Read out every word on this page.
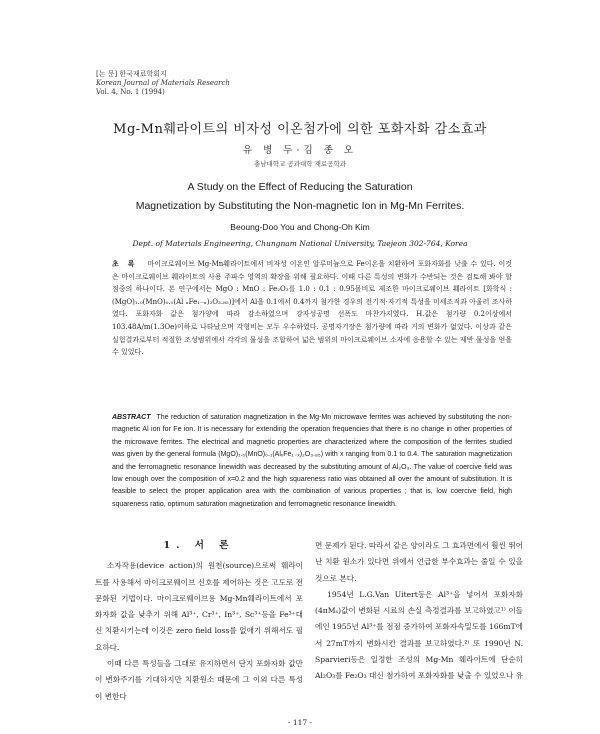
[논 문] 한국재료학회지
Korean Journal of Materials Research
Vol. 4, No. 1 (1994)
Mg-Mn훼라이트의 비자성 이온첨가에 의한 포화자화 감소효과
유 병 두·김 종 오
충남대학교 공과대학 재료공학과
A Study on the Effect of Reducing the Saturation
Magnetization by Substituting the Non-magnetic Ion in Mg-Mn Ferrites.
Beoung-Doo You and Chong-Oh Kim
Dept. of Materials Engineering, Chungnam National University, Taejeon 302-764, Korea
초 록 마이크로웨이브 Mg-Mn훼라이트에서 비자성 이온인 알루미늄으로 Fe이온을 치환하여 포화자화를 낮출 수 있다. 이것은 마이크로웨이브 훼라이트의 사용 주파수 영역의 확장을 위해 필요하다. 이때 다른 특성의 변화가 수반되는 것은 검토해 봐야 할 점중의 하나이다. 본 연구에서는 MgO : MnO : Fe₂O₃를 1.0 : 0.1 : 0.95몰비로 제조한 마이크로웨이브 훼라이트 [화학식 : (MgO)₁.₀(MnO)₀.₁(Al ₓFe₁₋ₓ)₂O₃.₈₅)]에서 Al을 0.1에서 0.4까지 첨가한 경우의 전기적·자기적 특성을 미세조직과 아울러 조사하였다. 포화자화 값은 첨가양에 따라 감소하였으며 강자성공명 선폭도 마찬가지였다. H.값은 첨가량 0.2이상에서 103.48A/m(1.3Oe)이하로 나타났으며 각형비는 모두 우수하였다. 공명자기장은 첨가량에 따라 거의 변화가 없었다. 이상과 같은 실험결과로부터 적절한 조성범위에서 각각의 물성을 조합하여 넓은 범위의 마이크로웨이브 소자에 응용할 수 있는 제반 물성을 얻을 수 있었다.
ABSTRACT The reduction of saturation magnetization in the Mg-Mn microwave ferrites was achieved by substituting the non-magnetic Al ion for Fe ion. It is necessary for extending the operation frequencies that there is no change in other properties of the microwave ferrites. The electrical and magnetic properties are characterized where the composition of the ferrites studied was given by the general formula (MgO)₁.₀(MnO)₀.₁(AlₓFe₁₋ₓ)₂O₃.₈₅) with x ranging from 0.1 to 0.4. The saturation magnetization and the ferromagnetic resonance linewidth was decreased by the substituting amount of Al₂O₃. The value of coercive field was low enough over the composition of x=0.2 and the high squareness ratio was obtained all over the amount of substitution. It is feasible to select the proper application area with the combination of various properties ; that is, low coercive field, high squareness ratio, optimum saturation magnetization and ferromagnetic resonance linewidth.
1. 서 론

소자작용(device action)의 원천(source)으로써 훼라이트를 사용해서 마이크로웨이브 신호를 제어하는 것은 고도로 전문화된 기법이다. 마이크로웨이브용 Mg-Mn훼라이트에서 포화자화 값을 낮추기 위해 Al³⁺, Cr³⁺, In³⁺, Sc³⁺등을 Fe³⁺대신 치환시키는데 이것은 zero field loss를 없애기 위해서도 필요하다.

이때 다른 특성들을 그대로 유지하면서 단지 포화자화 값만이 변화주기를 기대하지만 치환원소 때문에 그 이외 다른 특성이 변한다

면 문제가 된다. 따라서 같은 양이라도 그 효과면에서 훨씬 뛰어난 치환 원소가 있다면 위에서 언급한 부수효과는 줄일 수 있을 것으로 본다.

1954년 L.G.Van Uitert등은 Al³⁺을 넣어서 포화자화(4πMₛ)값이 변화된 시료의 손실 측정결과를 보고하였고¹⁾ 이들에인 1955년 Al³⁺를 점점 증가하여 포화자속밀도를 166mT에서 27mT까지 변화시킨 결과를 보고하였다.²⁾ 또 1990년 N. Sparvieri등은 일정한 조성의 Mg-Mn 훼라이트에 단순히 Al₂O₃를 Fe₂O₃ 대신 첨가하여 포화자화를 낮출 수 있었으나 유

- 117 -
